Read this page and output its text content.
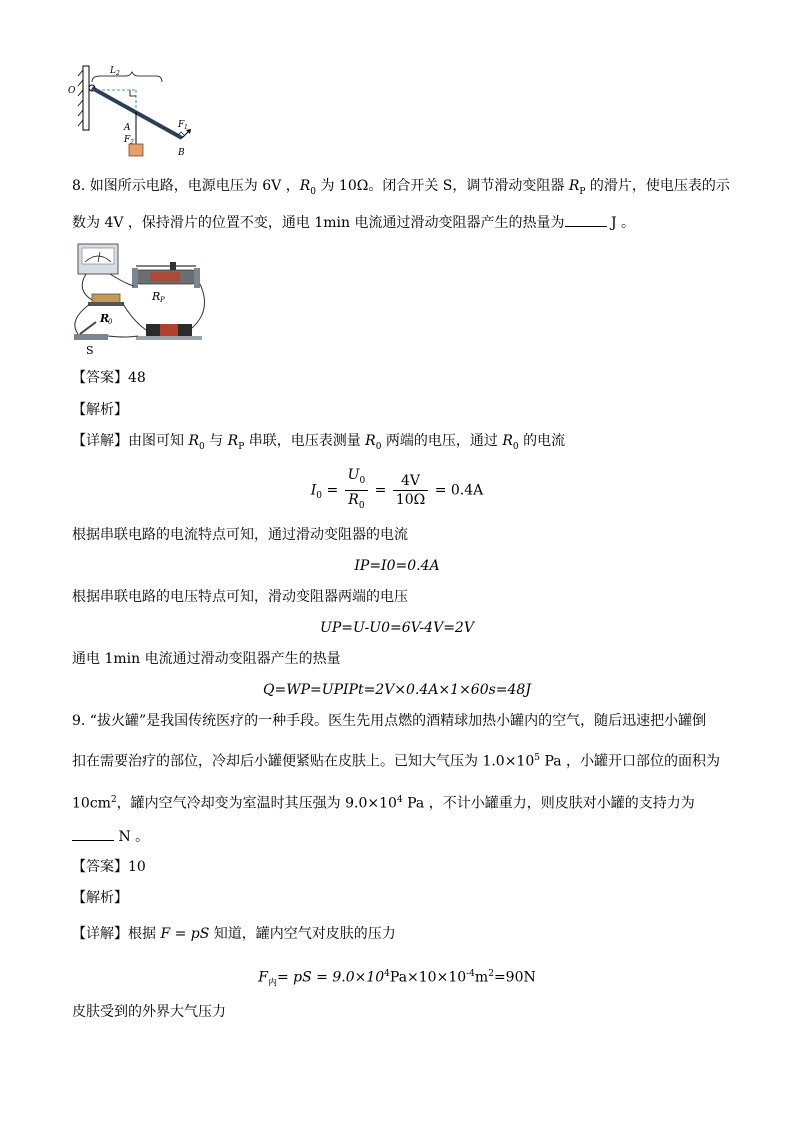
O
L 2
A
F 2
F 1
B
8. 如图所示电路，电源电压为 6V ，$R_0$ 为 10Ω。闭合开关 S，调节滑动变阻器 $R_P$ 的滑片，使电压表的示
数为 4V ，保持滑片的位置不变，通电 1min 电流通过滑动变阻器产生的热量为	J 。
R P
R
0
S
【答案】48
【解析】
【详解】由图可知 $R_0$ 与 $R_P$ 串联，电压表测量 $R_0$ 两端的电压，通过 $R_0$ 的电流
$I_0 = \frac{U_0}{R_0} = \frac{4V}{10\Omega} = 0.4A$
根据串联电路的电流特点可知，通过滑动变阻器的电流
IP=I0=0.4A
根据串联电路的电压特点可知，滑动变阻器两端的电压
UP=U-U0=6V-4V=2V
通电 1min 电流通过滑动变阻器产生的热量
Q=WP=UPIPt=2V×0.4A×1×60s=48J
9. “拔火罐”是我国传统医疗的一种手段。医生先用点燃的酒精球加热小罐内的空气，随后迅速把小罐倒
扣在需要治疗的部位，冷却后小罐便紧贴在皮肤上。已知大气压为 $1.0\times 10^5$ Pa ，小罐开口部位的面积为
$10cm^2$，罐内空气冷却变为室温时其压强为 $9.0\times 10^4$ Pa ，不计小罐重力，则皮肤对小罐的支持力为
N 。
【答案】10
【解析】
【详解】根据 F = pS 知道，罐内空气对皮肤的压力
$F_内=$ pS = $9.0\times 10^4Pa\times 10\times 10^{-4}m^2=90N$
皮肤受到的外界大气压力
